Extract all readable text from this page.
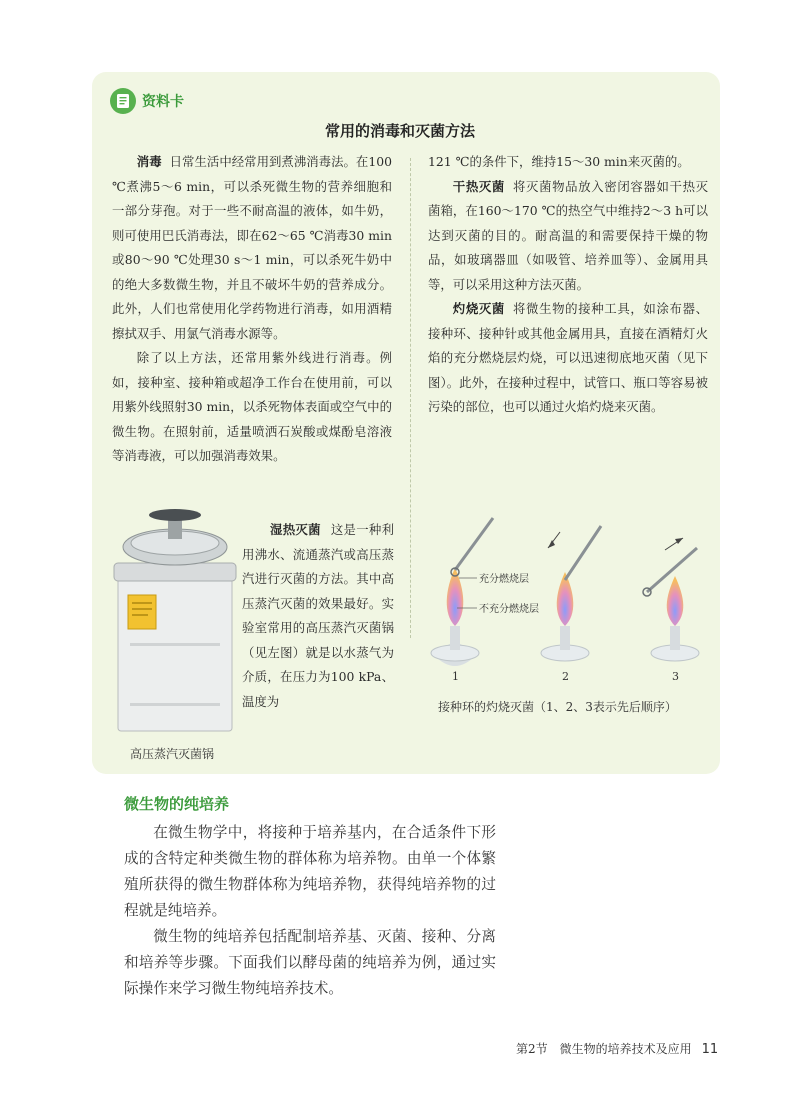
资料卡
常用的消毒和灭菌方法

消毒 日常生活中经常用到煮沸消毒法。在100 ℃煮沸5～6 min，可以杀死微生物的营养细胞和一部分芽孢。对于一些不耐高温的液体，如牛奶，则可使用巴氏消毒法，即在62～65 ℃消毒30 min或80～90 ℃处理30 s～1 min，可以杀死牛奶中的绝大多数微生物，并且不破坏牛奶的营养成分。此外，人们也常使用化学药物进行消毒，如用酒精擦拭双手、用氯气消毒水源等。

除了以上方法，还常用紫外线进行消毒。例如，接种室、接种箱或超净工作台在使用前，可以用紫外线照射30 min，以杀死物体表面或空气中的微生物。在照射前，适量喷洒石炭酸或煤酚皂溶液等消毒液，可以加强消毒效果。

湿热灭菌 这是一种利用沸水、流通蒸汽或高压蒸汽进行灭菌的方法。其中高压蒸汽灭菌的效果最好。实验室常用的高压蒸汽灭菌锅（见左图）就是以水蒸气为介质，在压力为100 kPa、温度为

高压蒸汽灭菌锅

121 ℃的条件下，维持15～30 min来灭菌的。

干热灭菌 将灭菌物品放入密闭容器如干热灭菌箱，在160～170 ℃的热空气中维持2～3 h可以达到灭菌的目的。耐高温的和需要保持干燥的物品，如玻璃器皿（如吸管、培养皿等）、金属用具等，可以采用这种方法灭菌。

灼烧灭菌 将微生物的接种工具，如涂布器、接种环、接种针或其他金属用具，直接在酒精灯火焰的充分燃烧层灼烧，可以迅速彻底地灭菌（见下图）。此外，在接种过程中，试管口、瓶口等容易被污染的部位，也可以通过火焰灼烧来灭菌。

充分燃烧层
不充分燃烧层
1	2	3
接种环的灼烧灭菌（1、2、3表示先后顺序）
微生物的纯培养

在微生物学中，将接种于培养基内，在合适条件下形成的含特定种类微生物的群体称为培养物。由单一个体繁殖所获得的微生物群体称为纯培养物，获得纯培养物的过程就是纯培养。

微生物的纯培养包括配制培养基、灭菌、接种、分离和培养等步骤。下面我们以酵母菌的纯培养为例，通过实际操作来学习微生物纯培养技术。

第2节　微生物的培养技术及应用 11
